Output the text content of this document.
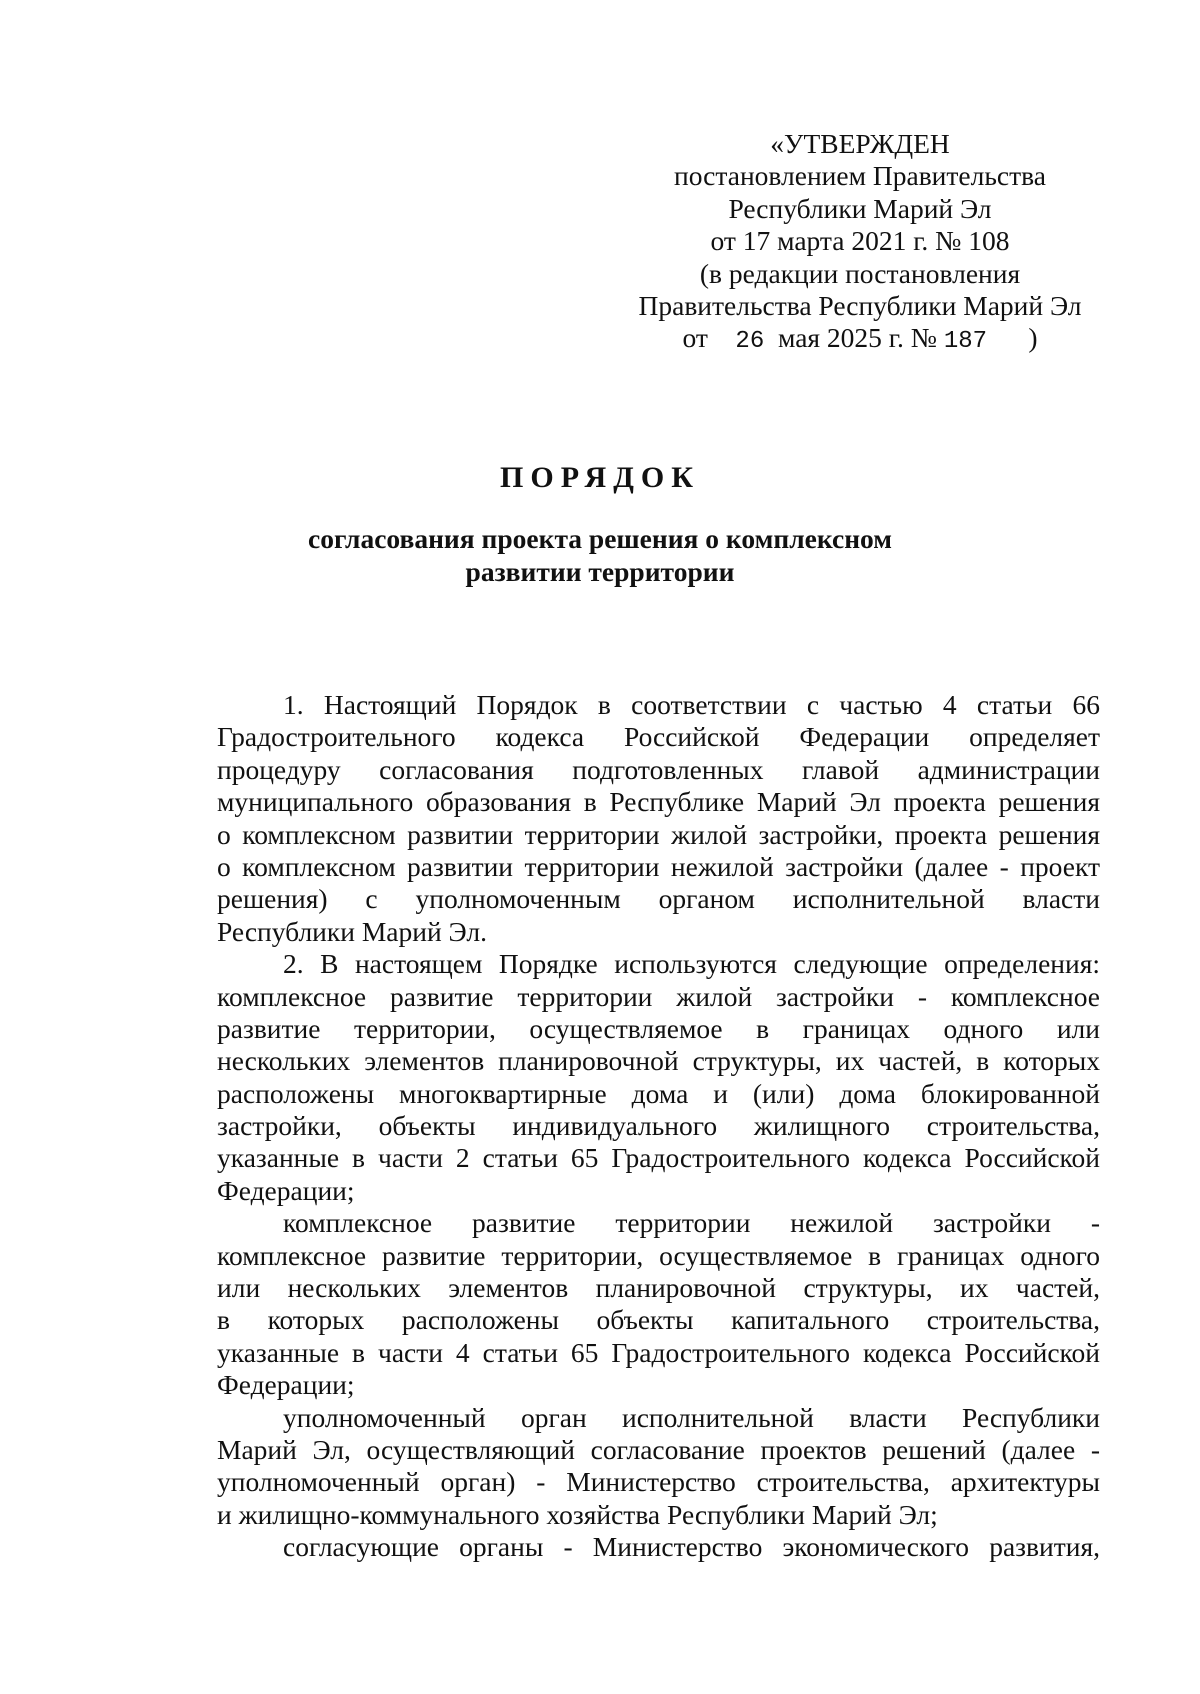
«УТВЕРЖДЕН
постановлением Правительства
Республики Марий Эл
от 17 марта 2021 г. № 108
(в редакции постановления
Правительства Республики Марий Эл
от 26 мая 2025 г. № 187 )
ПОРЯДОК
согласования проекта решения о комплексном
развитии территории
1. Настоящий Порядок в соответствии с частью 4 статьи 66
Градостроительного кодекса Российской Федерации определяет
процедуру согласования подготовленных главой администрации
муниципального образования в Республике Марий Эл проекта решения
о комплексном развитии территории жилой застройки, проекта решения
о комплексном развитии территории нежилой застройки (далее - проект
решения) с уполномоченным органом исполнительной власти
Республики Марий Эл.
2. В настоящем Порядке используются следующие определения:
комплексное развитие территории жилой застройки - комплексное
развитие территории, осуществляемое в границах одного или
нескольких элементов планировочной структуры, их частей, в которых
расположены многоквартирные дома и (или) дома блокированной
застройки, объекты индивидуального жилищного строительства,
указанные в части 2 статьи 65 Градостроительного кодекса Российской
Федерации;
комплексное развитие территории нежилой застройки -
комплексное развитие территории, осуществляемое в границах одного
или нескольких элементов планировочной структуры, их частей,
в которых расположены объекты капитального строительства,
указанные в части 4 статьи 65 Градостроительного кодекса Российской
Федерации;
уполномоченный орган исполнительной власти Республики
Марий Эл, осуществляющий согласование проектов решений (далее -
уполномоченный орган) - Министерство строительства, архитектуры
и жилищно-коммунального хозяйства Республики Марий Эл;
согласующие органы - Министерство экономического развития,
